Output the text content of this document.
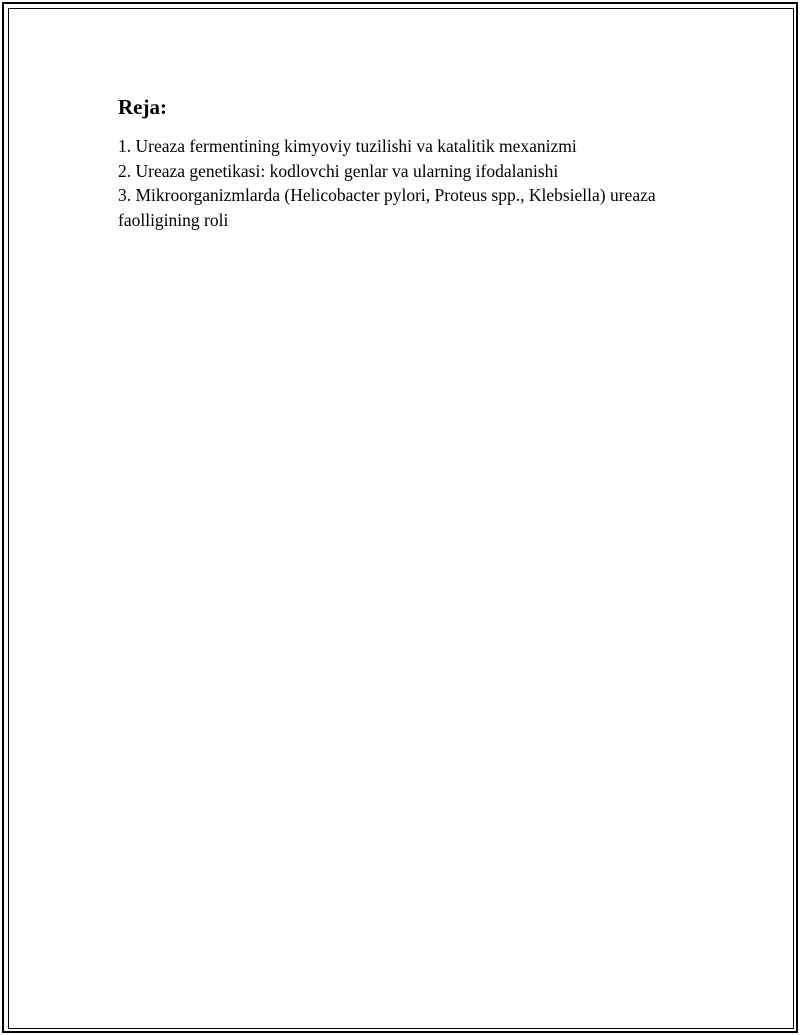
Reja:
1. Ureaza fermentining kimyoviy tuzilishi va katalitik mexanizmi
2. Ureaza genetikasi: kodlovchi genlar va ularning ifodalanishi
3. Mikroorganizmlarda (Helicobacter pylori, Proteus spp., Klebsiella) ureaza faolligining roli
